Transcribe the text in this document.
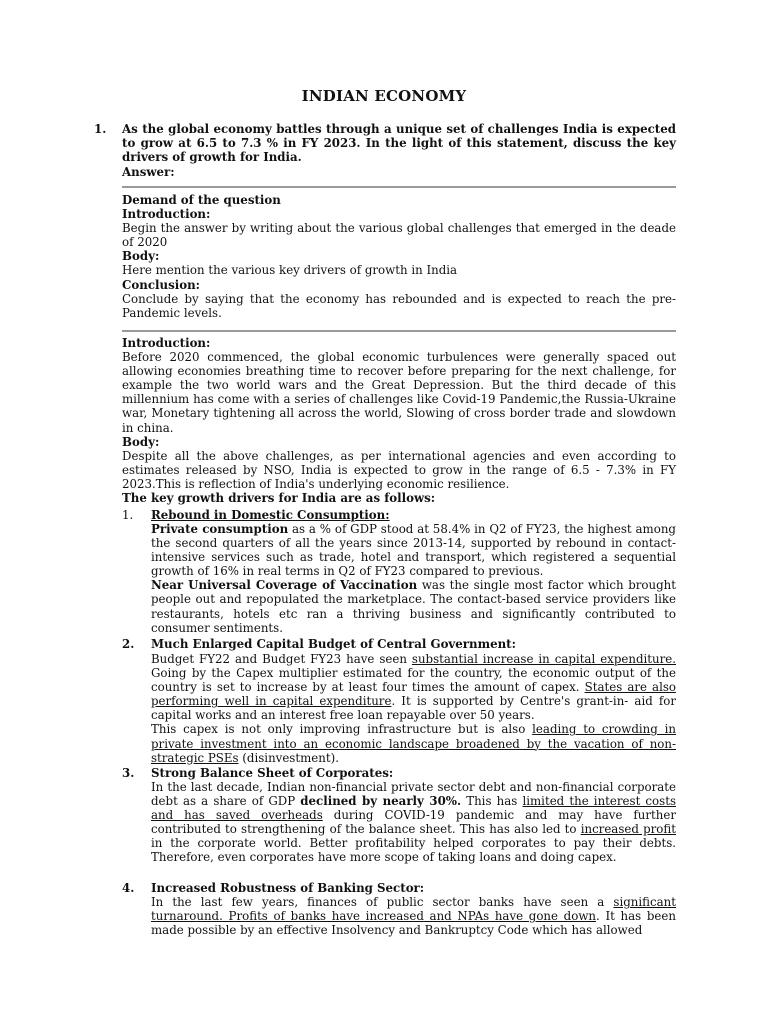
INDIAN ECONOMY
1. As the global economy battles through a unique set of challenges India is expected to grow at 6.5 to 7.3 % in FY 2023. In the light of this statement, discuss the key drivers of growth for India.
Answer:

Demand of the question

Introduction:

Begin the answer by writing about the various global challenges that emerged in the deade of 2020

Body:

Here mention the various key drivers of growth in India

Conclusion:

Conclude by saying that the economy has rebounded and is expected to reach the pre-Pandemic levels.

Introduction:

Before 2020 commenced, the global economic turbulences were generally spaced out allowing economies breathing time to recover before preparing for the next challenge, for example the two world wars and the Great Depression. But the third decade of this millennium has come with a series of challenges like Covid-19 Pandemic,the Russia-Ukraine war, Monetary tightening all across the world, Slowing of cross border trade and slowdown in china.

Body:

Despite all the above challenges, as per international agencies and even according to estimates released by NSO, India is expected to grow in the range of 6.5 - 7.3% in FY 2023.This is reflection of India's underlying economic resilience.

The key growth drivers for India are as follows:

1. Rebound in Domestic Consumption:

Private consumption as a % of GDP stood at 58.4% in Q2 of FY23, the highest among the second quarters of all the years since 2013-14, supported by rebound in contact-intensive services such as trade, hotel and transport, which registered a sequential growth of 16% in real terms in Q2 of FY23 compared to previous.

Near Universal Coverage of Vaccination was the single most factor which brought people out and repopulated the marketplace. The contact-based service providers like restaurants, hotels etc ran a thriving business and significantly contributed to consumer sentiments.

2. Much Enlarged Capital Budget of Central Government:

Budget FY22 and Budget FY23 have seen substantial increase in capital expenditure. Going by the Capex multiplier estimated for the country, the economic output of the country is set to increase by at least four times the amount of capex. States are also performing well in capital expenditure. It is supported by Centre's grant-in- aid for capital works and an interest free loan repayable over 50 years.

This capex is not only improving infrastructure but is also leading to crowding in private investment into an economic landscape broadened by the vacation of non-strategic PSEs (disinvestment).

3. Strong Balance Sheet of Corporates:

In the last decade, Indian non-financial private sector debt and non-financial corporate debt as a share of GDP declined by nearly 30%. This has limited the interest costs and has saved overheads during COVID-19 pandemic and may have further contributed to strengthening of the balance sheet. This has also led to increased profit in the corporate world. Better profitability helped corporates to pay their debts. Therefore, even corporates have more scope of taking loans and doing capex.

4. Increased Robustness of Banking Sector:

In the last few years, finances of public sector banks have seen a significant turnaround. Profits of banks have increased and NPAs have gone down. It has been made possible by an effective Insolvency and Bankruptcy Code which has allowed
